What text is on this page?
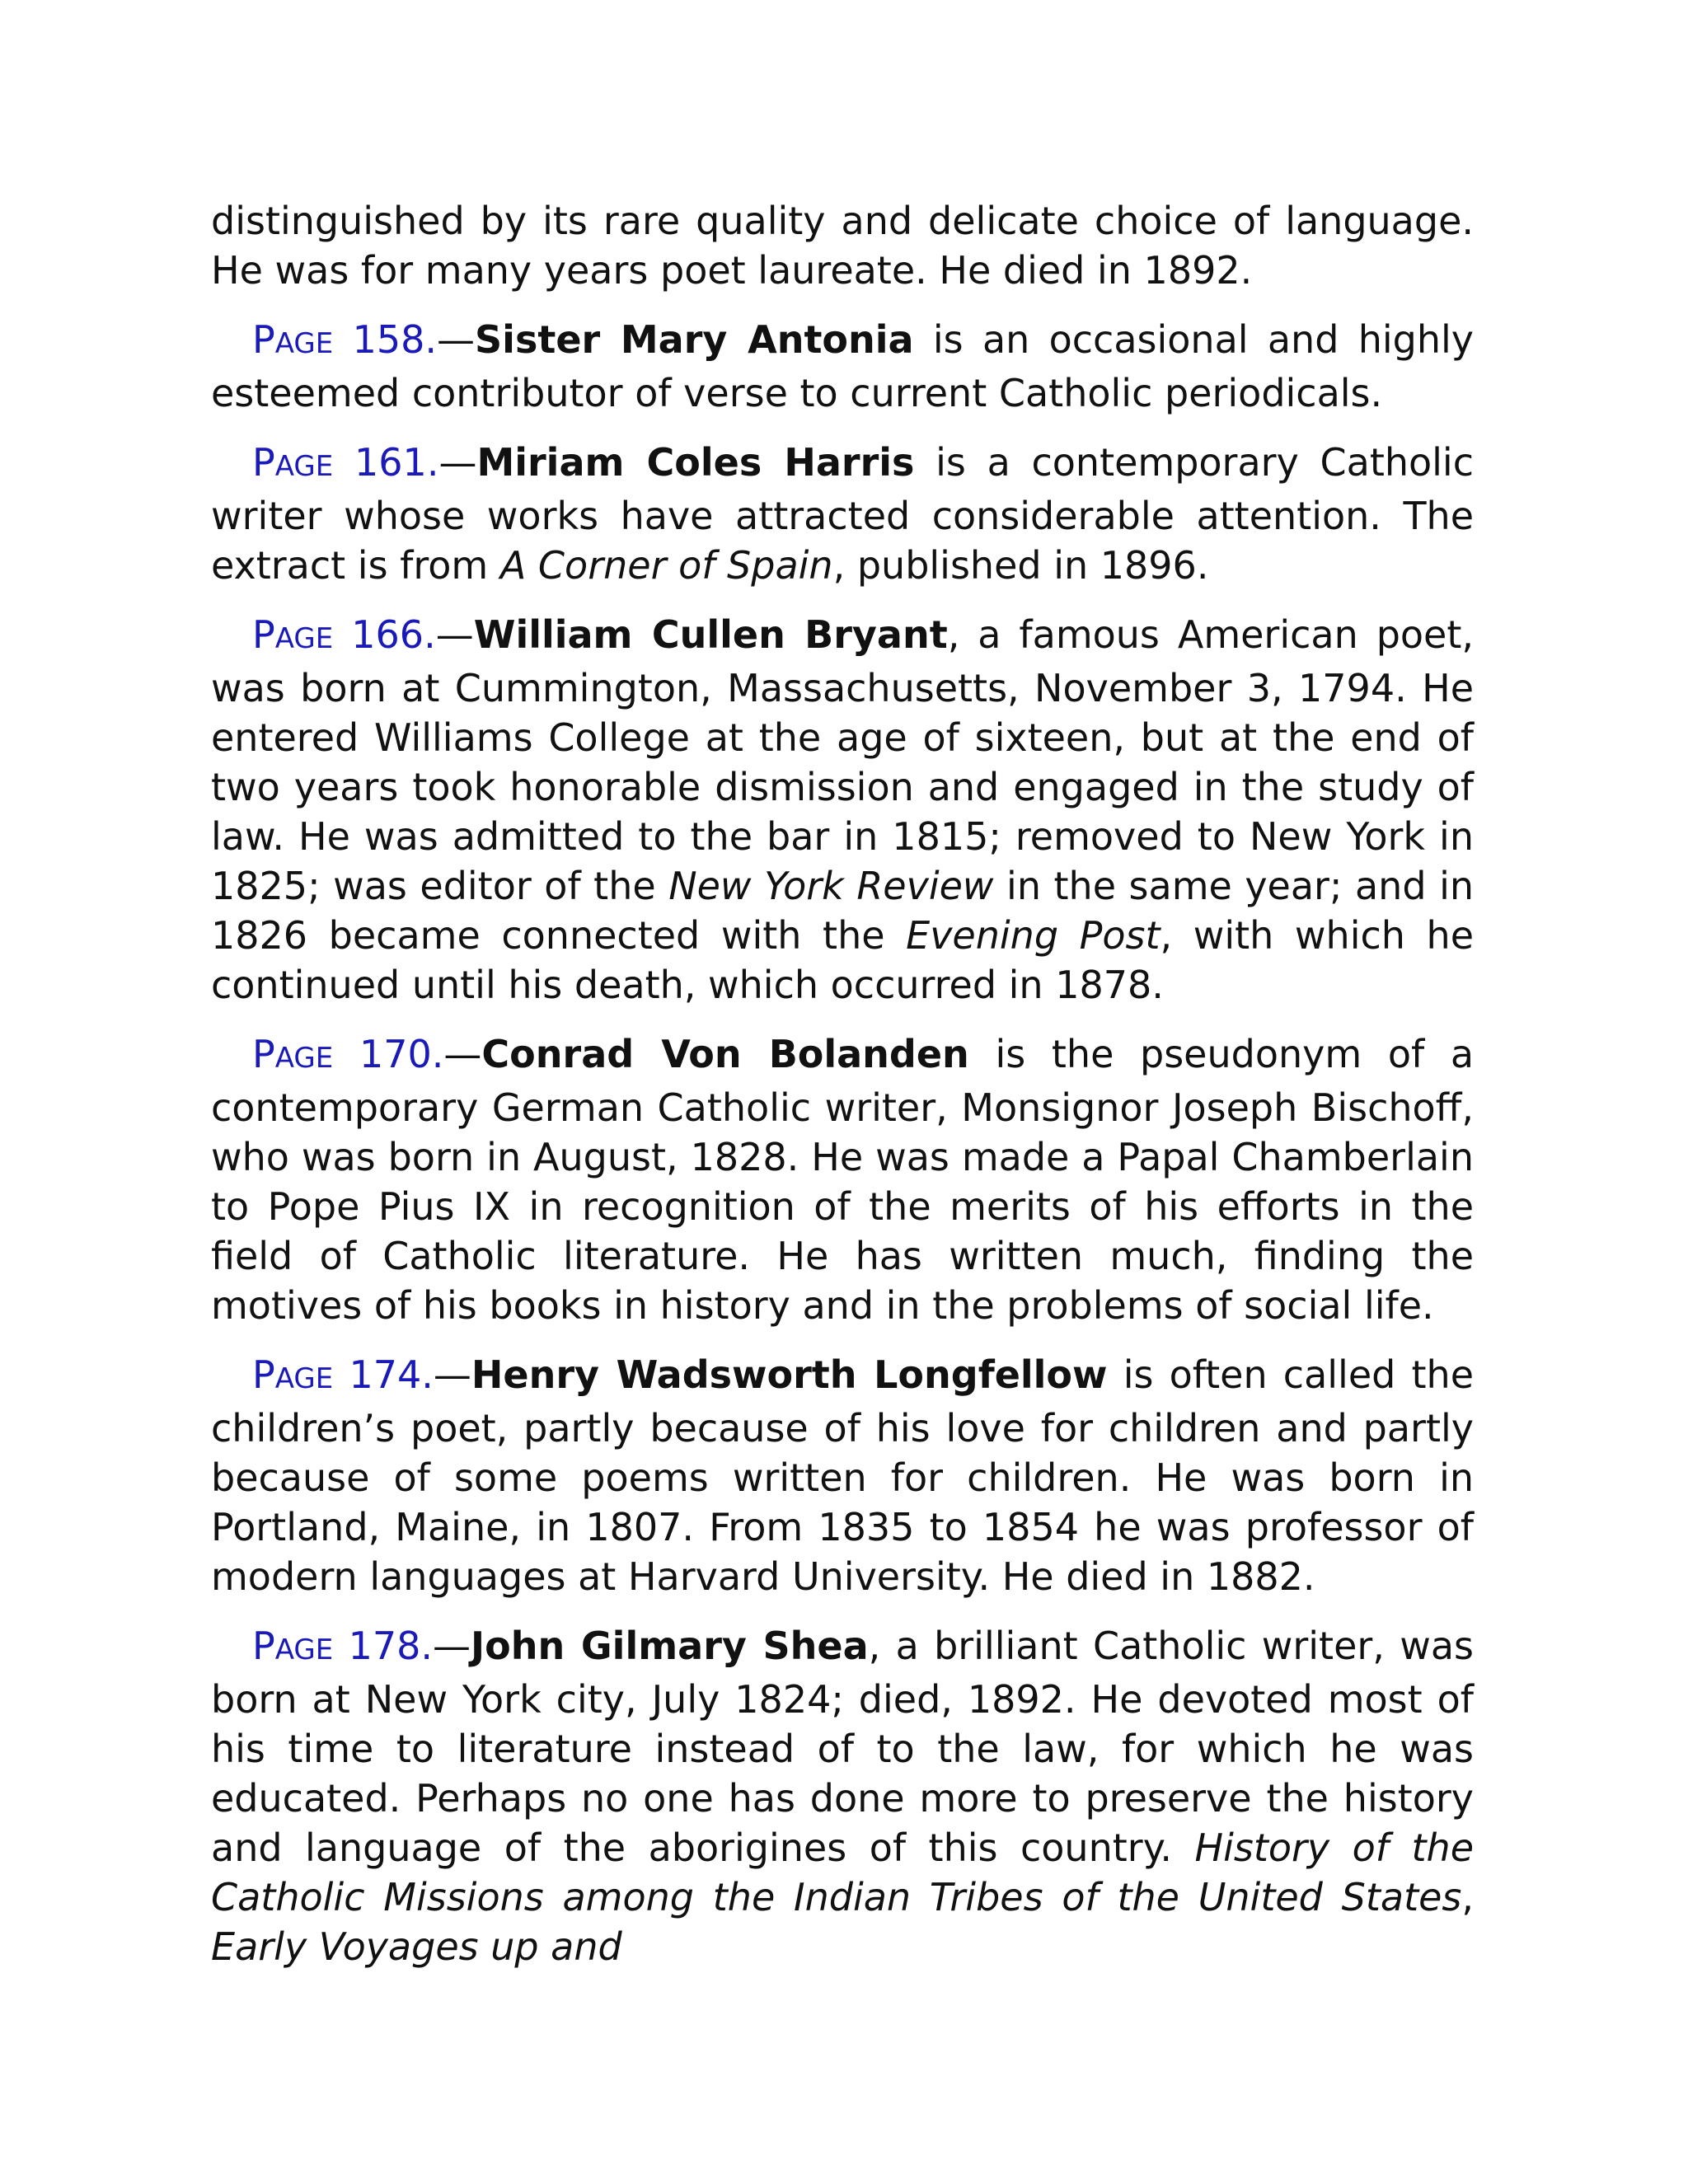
distinguished by its rare quality and delicate choice of language. He was for many years poet laureate. He died in 1892.

PAGE 158.—Sister Mary Antonia is an occasional and highly esteemed contributor of verse to current Catholic periodicals.

PAGE 161.—Miriam Coles Harris is a contemporary Catholic writer whose works have attracted considerable attention. The extract is from A Corner of Spain, published in 1896.

PAGE 166.—William Cullen Bryant, a famous American poet, was born at Cummington, Massachusetts, November 3, 1794. He entered Williams College at the age of sixteen, but at the end of two years took honorable dismission and engaged in the study of law. He was admitted to the bar in 1815; removed to New York in 1825; was editor of the New York Review in the same year; and in 1826 became connected with the Evening Post, with which he continued until his death, which occurred in 1878.

PAGE 170.—Conrad Von Bolanden is the pseudonym of a contemporary German Catholic writer, Monsignor Joseph Bischoff, who was born in August, 1828. He was made a Papal Chamberlain to Pope Pius IX in recognition of the merits of his efforts in the field of Catholic literature. He has written much, finding the motives of his books in history and in the problems of social life.

PAGE 174.—Henry Wadsworth Longfellow is often called the children’s poet, partly because of his love for children and partly because of some poems written for children. He was born in Portland, Maine, in 1807. From 1835 to 1854 he was professor of modern languages at Harvard University. He died in 1882.

PAGE 178.—John Gilmary Shea, a brilliant Catholic writer, was born at New York city, July 1824; died, 1892. He devoted most of his time to literature instead of to the law, for which he was educated. Perhaps no one has done more to preserve the history and language of the aborigines of this country. History of the Catholic Missions among the Indian Tribes of the United States, Early Voyages up and
